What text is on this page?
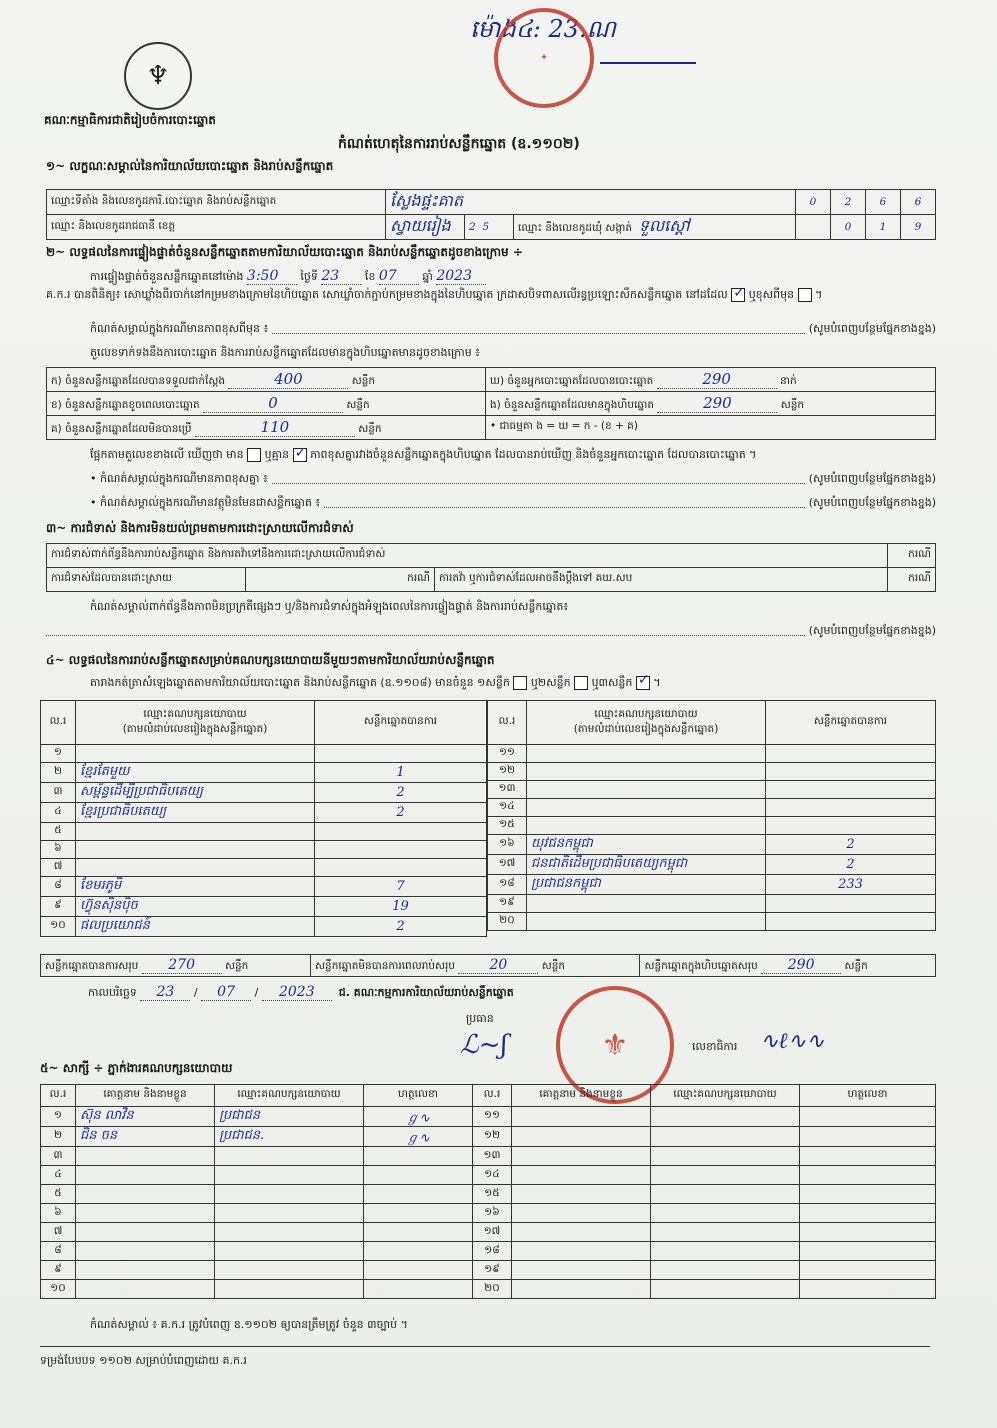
ម៉ោង៤: 23.ណ
✦
♆
គណៈកម្មាធិការជាតិរៀបចំការបោះឆ្នោត
កំណត់ហេតុនៃការរាប់សន្លឹកឆ្នោត (ឧ.១១០២)
១~ លក្ខណៈសម្គាល់នៃការិយាល័យបោះឆ្នោត និងរាប់សន្លឹកឆ្នោត
ឈ្មោះទីតាំង និងលេខកូដការិ.បោះឆ្នោត និងរាប់សន្លឹកឆ្នោត	ស្លែងផ្ទះគាត			0	2	6	6
ឈ្មោះ និងលេខកូដរាជធានី ខេត្ត	ស្វាយរៀង	2 5	ឈ្មោះ និងលេខកូដឃុំ សង្កាត់ ទួលស្ដៅ		0	1	9
២~ លទ្ធផលនៃការផ្ទៀងផ្ទាត់ចំនួនសន្លឹកឆ្នោតតាមការិយាល័យបោះឆ្នោត និងរាប់សន្លឹកឆ្នោតដូចខាងក្រោម ÷
ការផ្ទៀងផ្ទាត់ចំនួនសន្លឹកឆ្នោតនៅម៉ោង 3:50 ថ្ងៃទី 23 ខែ 07 ឆ្នាំ 2023
គ.ក.រ បានពិនិត្យ៖ សោឃ្លាំងពីរចាក់នៅកម្រមខាងក្រោមនៃហិបឆ្នោត សោឃ្លាំចាក់ភ្ជាប់កម្រមខាងក្នុងនៃហិបឆ្នោត ក្រដាសបិទពាសលើរន្ធប្រឡោះសឹកសន្លឹកឆ្នោត នៅដដែល ✓ ឬខុសពីមុន  ។
កំណត់សម្គាល់ក្នុងករណីមានភាពខុសពីមុន ៖	(សូមបំពេញបន្ថែមផ្នែកខាងខ្នង)
តួលេខទាក់ទងនឹងការបោះឆ្នោត និងការរាប់សន្លឹកឆ្នោតដែលមានក្នុងហិបឆ្នោតមានដូចខាងក្រោម ៖
ក) ចំនួនសន្លឹកឆ្នោតដែលបានទទួលជាក់ស្តែង 400 សន្លឹក	ឃ) ចំនួនអ្នកបោះឆ្នោតដែលបានបោះឆ្នោត 290 នាក់
ខ) ចំនួនសន្លឹកឆ្នោតខូចពេលបោះឆ្នោត 0 សន្លឹក	ង) ចំនួនសន្លឹកឆ្នោតដែលមានក្នុងហិបឆ្នោត 290 សន្លឹក
គ) ចំនួនសន្លឹកឆ្នោតដែលមិនបានប្រើ 110 សន្លឹក	• ជាធម្មតា ង = ឃ = ក - (ខ + គ)
ផ្អែកតាមតួលេខខាងលើ ឃើញថា មាន ឬគ្មាន ✓ ភាពខុសគ្នារវាងចំនួនសន្លឹកឆ្នោតក្នុងហិបឆ្នោត ដែលបានរាប់ឃើញ និងចំនួនអ្នកបោះឆ្នោត ដែលបានបោះឆ្នោត ។
• កំណត់សម្គាល់ក្នុងករណីមានភាពខុសគ្នា ៖	(សូមបំពេញបន្ថែមផ្នែកខាងខ្នង)
• កំណត់សម្គាល់ក្នុងករណីមានវត្ថុមិនមែនជាសន្លឹកឆ្នោត ៖	(សូមបំពេញបន្ថែមផ្នែកខាងខ្នង)
៣~ ការជំទាស់ និងការមិនយល់ព្រមតាមការដោះស្រាយលើការជំទាស់
ការជំទាស់ពាក់ព័ន្ធនឹងការរាប់សន្លឹកឆ្នោត និងការតវ៉ាទៅនឹងការដោះស្រាយលើការជំទាស់			ករណី
ការជំទាស់ដែលបានដោះស្រាយ	ករណី	ការតវ៉ា ឬការជំទាស់ដែលអាចនឹងប្ដឹងទៅ គឃ.សប	ករណី
កំណត់សម្គាល់ពាក់ព័ន្ធនឹងភាពមិនប្រក្រតីផ្សេងៗ ឬ/និងការជំទាស់ក្នុងអំឡុងពេលនៃការផ្ទៀងផ្ទាត់ និងការរាប់សន្លឹកឆ្នោត៖
(សូមបំពេញបន្ថែមផ្នែកខាងខ្នង)
៤~ លទ្ធផលនៃការរាប់សន្លឹកឆ្នោតសម្រាប់គណបក្សនយោបាយនីមួយៗតាមការិយាល័យរាប់សន្លឹកឆ្នោត
តារាងកត់ត្រាសំឡេងឆ្នោតតាមការិយាល័យបោះឆ្នោត និងរាប់សន្លឹកឆ្នោត (ឧ.១១០៨) មានចំនួន ១សន្លឹក ឬ២សន្លឹក ឬ៣សន្លឹក ✓ ។
ល.រ	ឈ្មោះគណបក្សនយោបាយ
(តាមលំដាប់លេខរៀងក្នុងសន្លឹកឆ្នោត)	សន្លឹកឆ្នោតបានការ
១		
២	ខ្មែរតែមួយ	1
៣	សម្ព័ន្ធដើម្បីប្រជាធិបតេយ្យ	2
៤	ខ្មែរប្រជាធិបតេយ្យ	2
៥		
៦		
៧		
៨	ខែមរភូមិ	7
៩	ហ៊្វុនស៊ិនប៉ិច	19
១០	ផលប្រយោជន៍	2
ល.រ	ឈ្មោះគណបក្សនយោបាយ
(តាមលំដាប់លេខរៀងក្នុងសន្លឹកឆ្នោត)	សន្លឹកឆ្នោតបានការ
១១		
១២		
១៣		
១៤		
១៥		
១៦	យុវជនកម្ពុជា	2
១៧	ជនជាតិដើមប្រជាធិបតេយ្យកម្ពុជា	2
១៨	ប្រជាជនកម្ពុជា	233
១៩		
២០		
សន្លឹកឆ្នោតបានការសរុប 270	សន្លឹក	សន្លឹកឆ្នោតមិនបានការពេលរាប់សរុប 20	សន្លឹក	សន្លឹកឆ្នោតក្នុងហិបឆ្នោតសរុប 290	សន្លឹក
កាលបរិច្ឆេទ 23 / 07 / 2023 ជ. គណៈកម្មការការិយាល័យរាប់សន្លឹកឆ្នោត
ប្រធាន
ℒ~ʃ	⚜	លេខាធិការ ∿ℓ∿∿
៥~ សាក្សី ÷ ភ្នាក់ងារគណបក្សនយោបាយ
ល.រ	គោត្តនាម និងនាមខ្លួន	ឈ្មោះគណបក្សនយោបាយ	ហត្ថលេខា	ល.រ	គោត្តនាម និងនាមខ្លួន	ឈ្មោះគណបក្សនយោបាយ	ហត្ថលេខា
១	ស៊ុន លាវិន	ប្រជាជន	ℊ∿	១១			
២	ជិន ចន	ប្រជាជន.	ℊ∿	១២			
៣				១៣			
៤				១៤			
៥				១៥			
៦				១៦			
៧				១៧			
៨				១៨			
៩				១៩			
១០				២០			
កំណត់សម្គាល់ ៖ គ.ក.រ ត្រូវបំពេញ ឧ.១១០២ ឲ្យបានត្រឹមត្រូវ ចំនួន ៣ច្បាប់ ។
ទម្រង់បែបបទ ១១០២ សម្រាប់បំពេញដោយ គ.ក.រ
